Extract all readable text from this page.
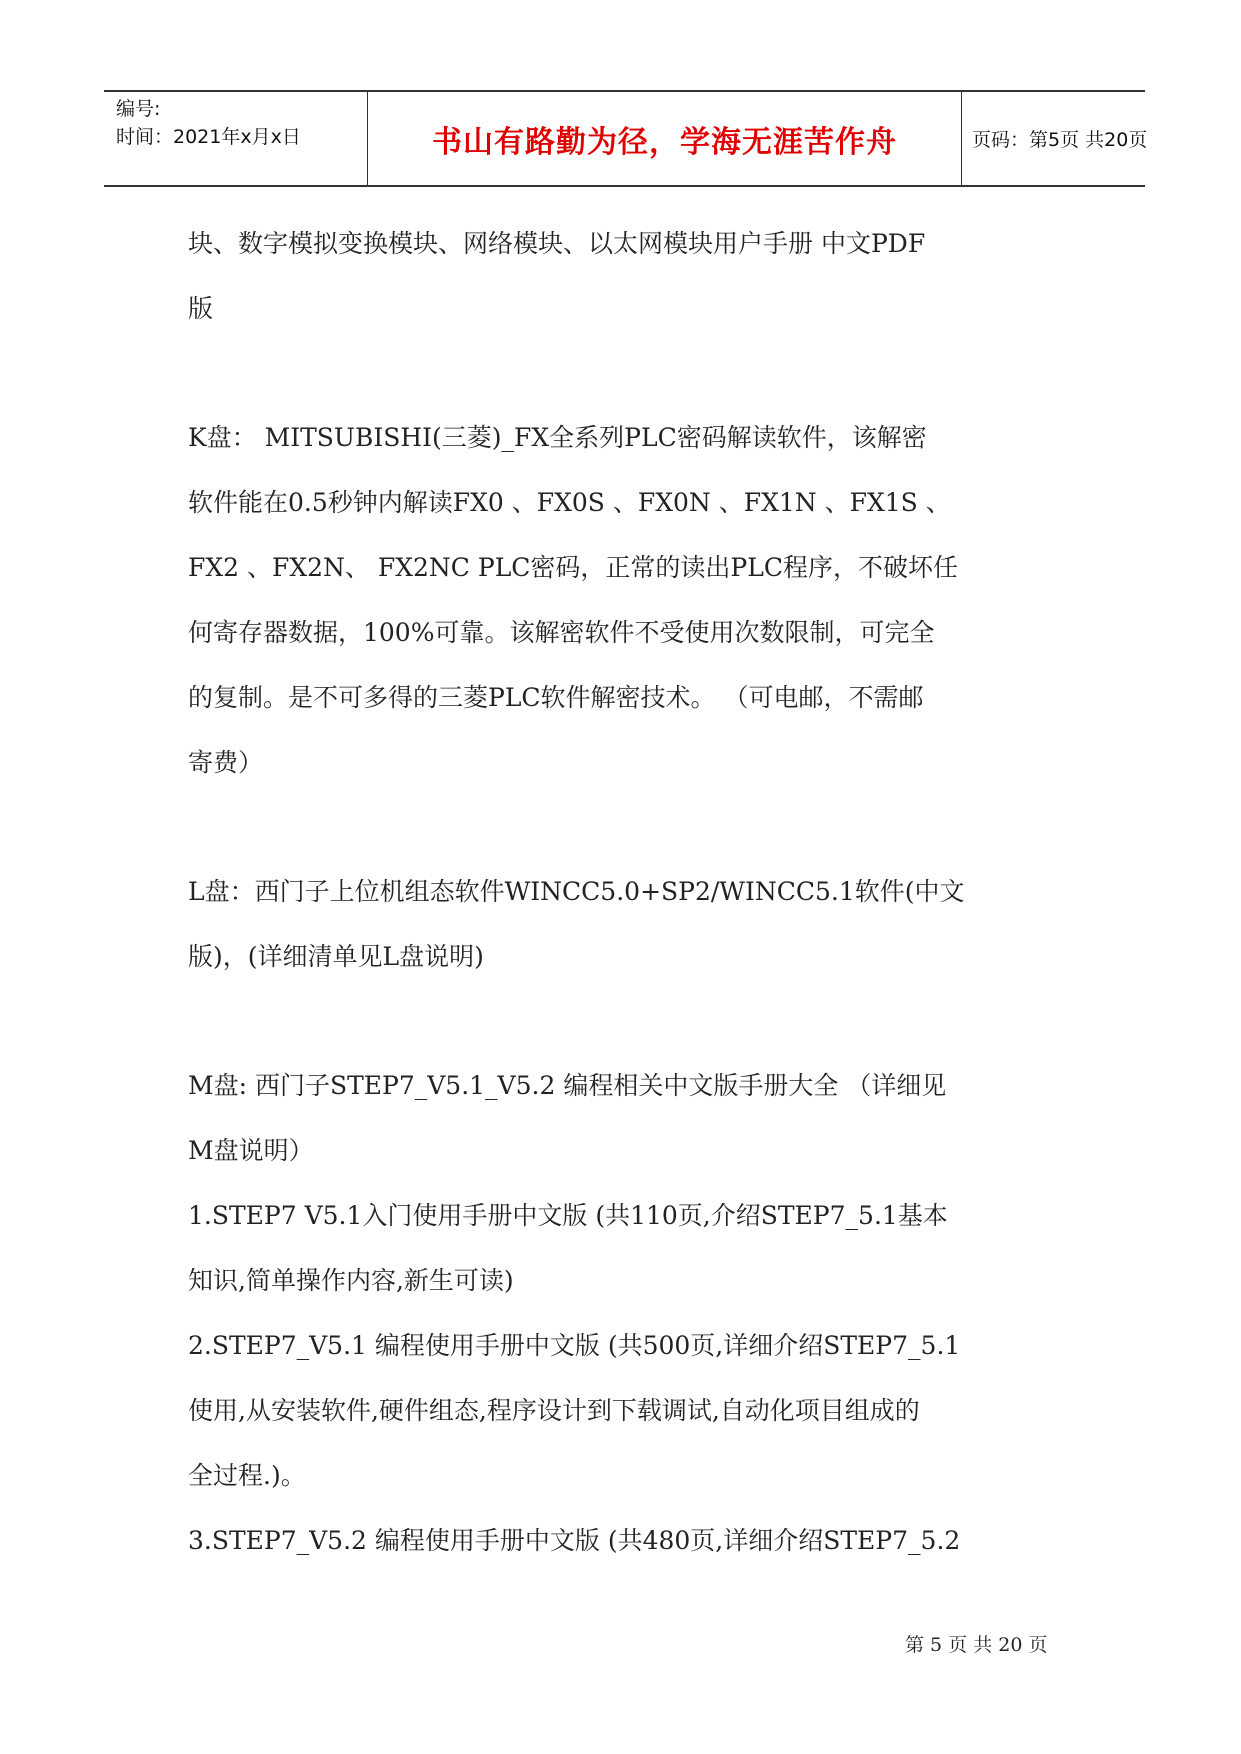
编号:
时间：2021年x月x日	书山有路勤为径，学海无涯苦作舟	页码：第5页 共20页
块、数字模拟变换模块、网络模块、以太网模块用户手册 中文PDF
版
K盘： MITSUBISHI(三菱)_FX全系列PLC密码解读软件，该解密
软件能在0.5秒钟内解读FX0 、FX0S 、FX0N 、FX1N 、FX1S 、
FX2 、FX2N、 FX2NC PLC密码，正常的读出PLC程序，不破坏任
何寄存器数据，100%可靠。该解密软件不受使用次数限制，可完全
的复制。是不可多得的三菱PLC软件解密技术。 （可电邮，不需邮
寄费）
L盘：西门子上位机组态软件WINCC5.0+SP2/WINCC5.1软件(中文
版)，(详细清单见L盘说明)
M盘: 西门子STEP7_V5.1_V5.2 编程相关中文版手册大全 （详细见
M盘说明）
1.STEP7 V5.1入门使用手册中文版 (共110页,介绍STEP7_5.1基本
知识,简单操作内容,新生可读)
2.STEP7_V5.1 编程使用手册中文版 (共500页,详细介绍STEP7_5.1
使用,从安装软件,硬件组态,程序设计到下载调试,自动化项目组成的
全过程.)。
3.STEP7_V5.2 编程使用手册中文版 (共480页,详细介绍STEP7_5.2
第 5 页 共 20 页
